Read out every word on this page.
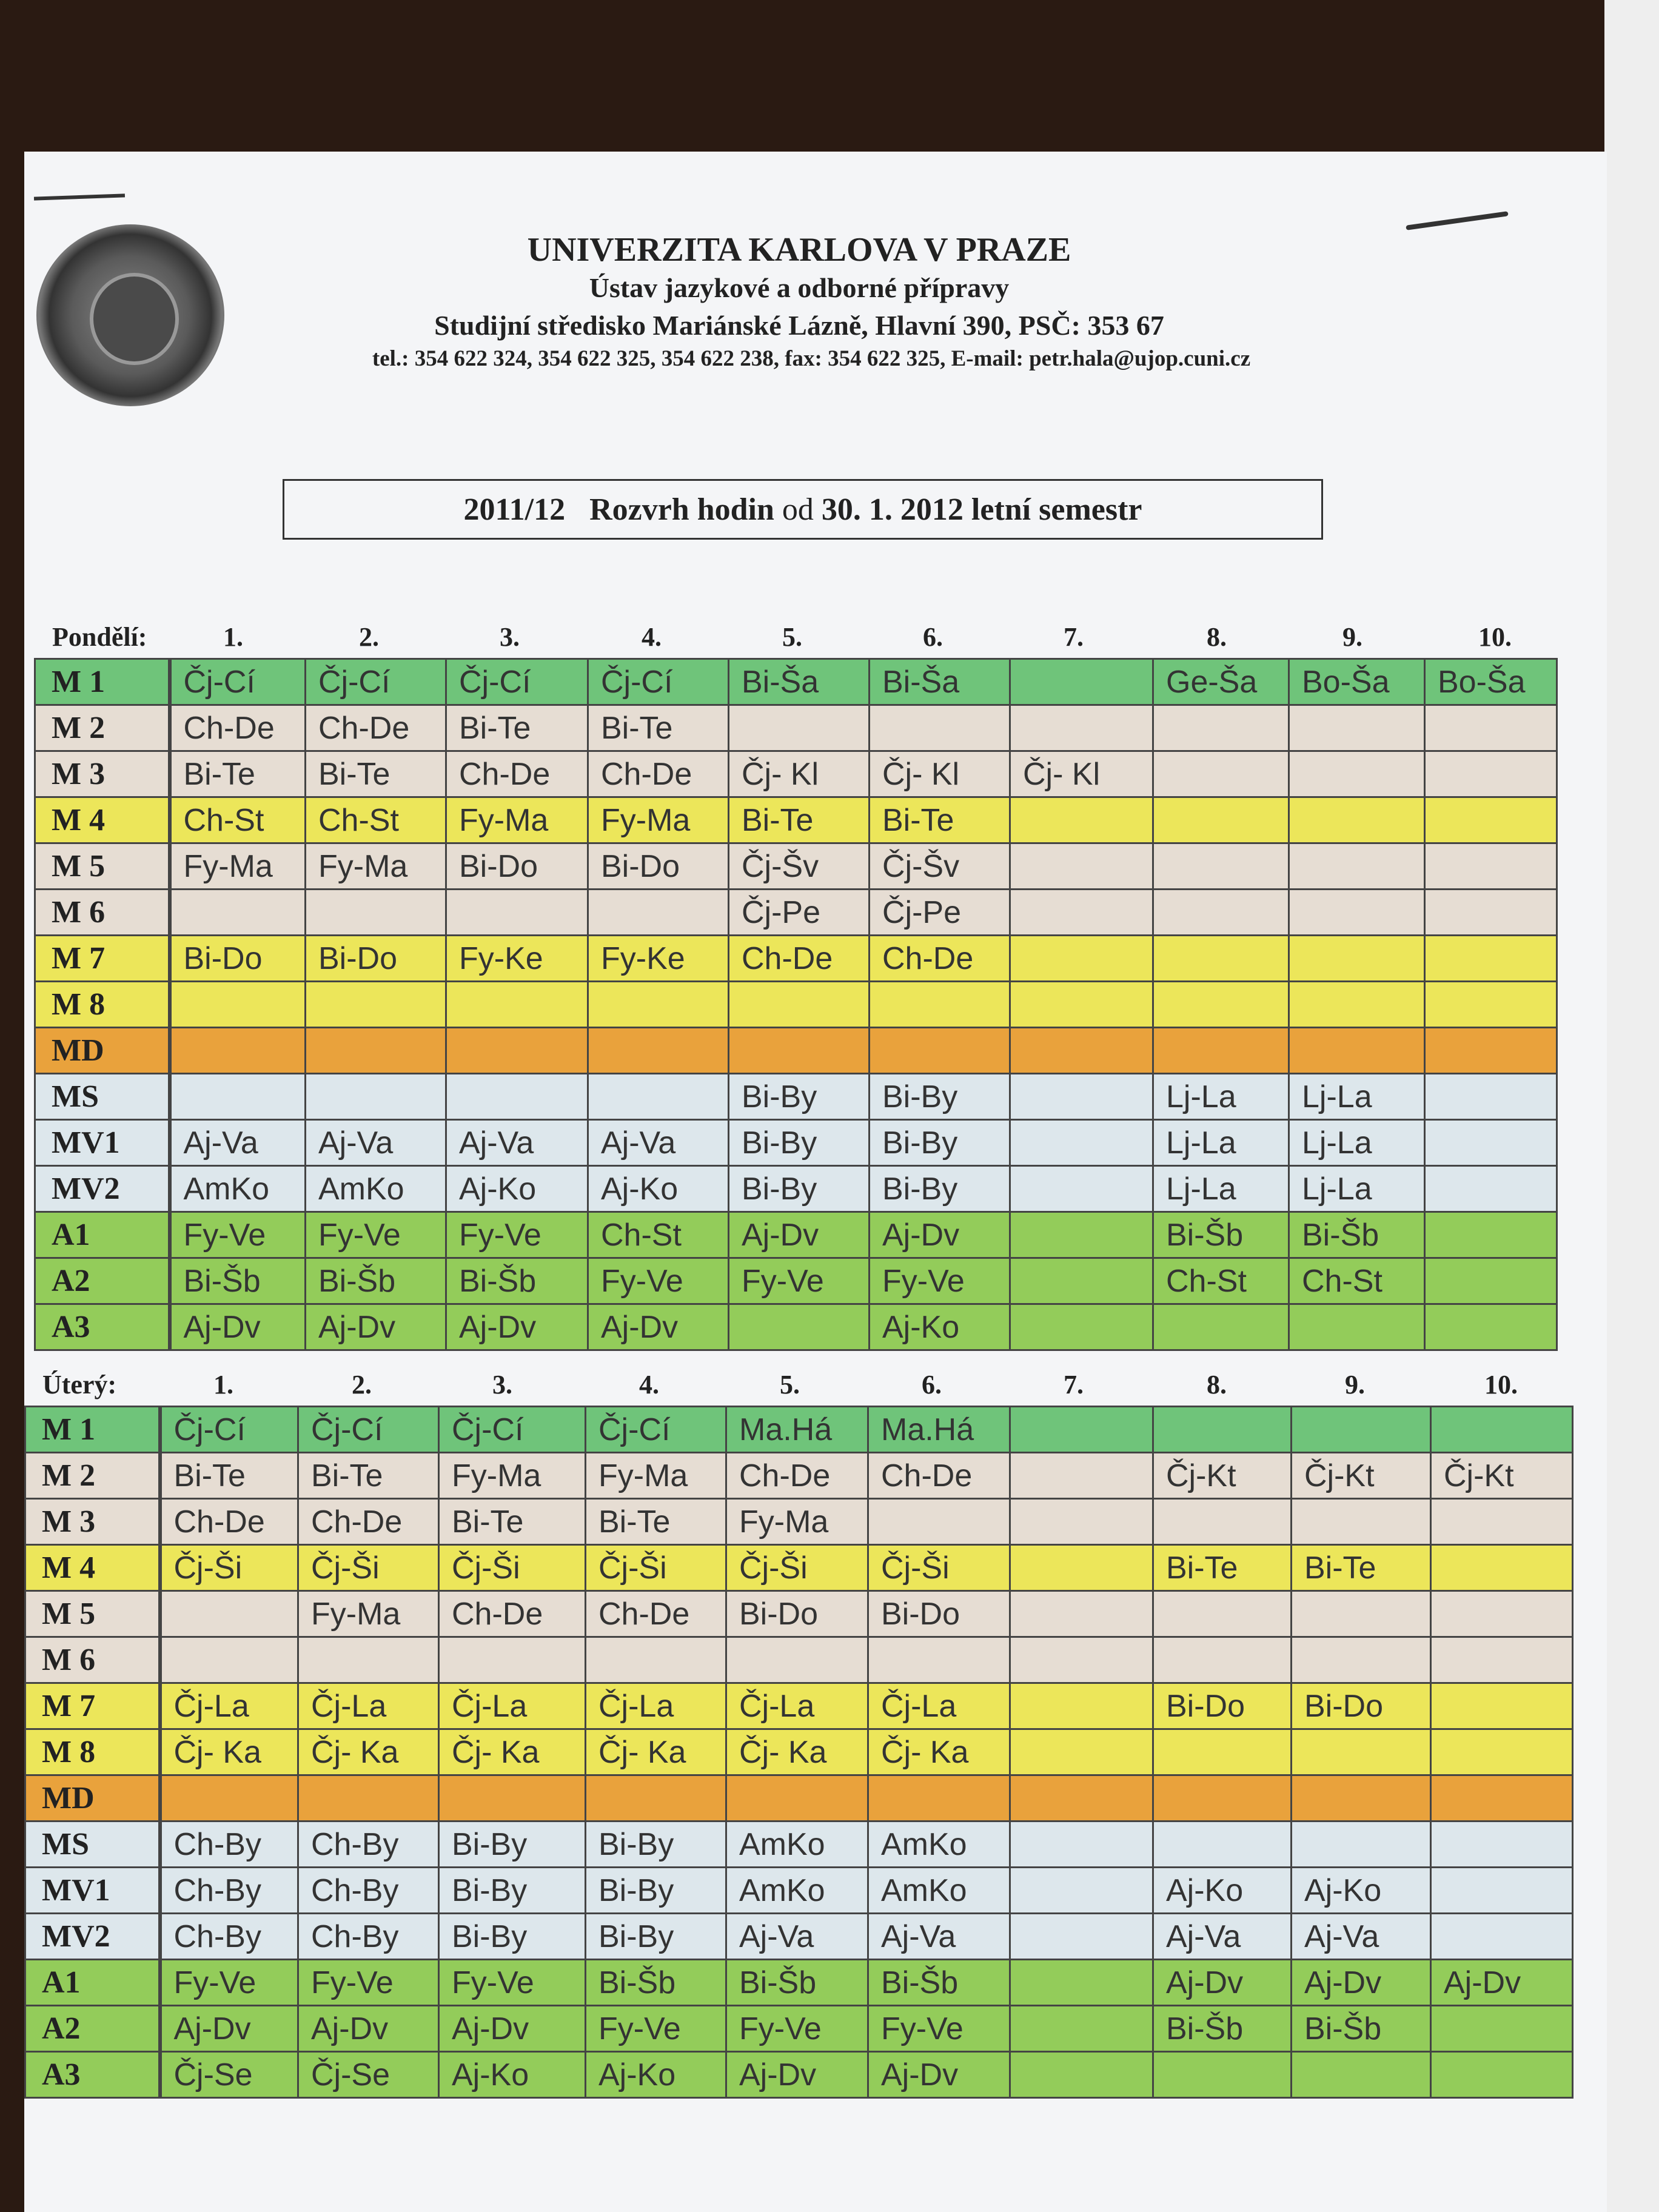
UNIVERZITA KARLOVA V PRAZE
Ústav jazykové a odborné přípravy
Studijní středisko Mariánské Lázně, Hlavní 390, PSČ: 353 67
tel.: 354 622 324, 354 622 325, 354 622 238, fax: 354 622 325, E-mail: petr.hala@ujop.cuni.cz
2011/12 Rozvrh hodin od 30. 1. 2012 letní semestr
Pondělí:	1.	2.	3.	4.	5.	6.	7.	8.	9.	10.
M 1	Čj-Cí	Čj-Cí	Čj-Cí	Čj-Cí	Bi-Ša	Bi-Ša		Ge-Ša	Bo-Ša	Bo-Ša
M 2	Ch-De	Ch-De	Bi-Te	Bi-Te						
M 3	Bi-Te	Bi-Te	Ch-De	Ch-De	Čj- Kl	Čj- Kl	Čj- Kl			
M 4	Ch-St	Ch-St	Fy-Ma	Fy-Ma	Bi-Te	Bi-Te				
M 5	Fy-Ma	Fy-Ma	Bi-Do	Bi-Do	Čj-Šv	Čj-Šv				
M 6					Čj-Pe	Čj-Pe				
M 7	Bi-Do	Bi-Do	Fy-Ke	Fy-Ke	Ch-De	Ch-De				
M 8										
MD										
MS					Bi-By	Bi-By		Lj-La	Lj-La	
MV1	Aj-Va	Aj-Va	Aj-Va	Aj-Va	Bi-By	Bi-By		Lj-La	Lj-La	
MV2	AmKo	AmKo	Aj-Ko	Aj-Ko	Bi-By	Bi-By		Lj-La	Lj-La	
A1	Fy-Ve	Fy-Ve	Fy-Ve	Ch-St	Aj-Dv	Aj-Dv		Bi-Šb	Bi-Šb	
A2	Bi-Šb	Bi-Šb	Bi-Šb	Fy-Ve	Fy-Ve	Fy-Ve		Ch-St	Ch-St	
A3	Aj-Dv	Aj-Dv	Aj-Dv	Aj-Dv		Aj-Ko				
Úterý:	1.	2.	3.	4.	5.	6.	7.	8.	9.	10.
M 1	Čj-Cí	Čj-Cí	Čj-Cí	Čj-Cí	Ma.Há	Ma.Há				
M 2	Bi-Te	Bi-Te	Fy-Ma	Fy-Ma	Ch-De	Ch-De		Čj-Kt	Čj-Kt	Čj-Kt
M 3	Ch-De	Ch-De	Bi-Te	Bi-Te	Fy-Ma					
M 4	Čj-Ši	Čj-Ši	Čj-Ši	Čj-Ši	Čj-Ši	Čj-Ši		Bi-Te	Bi-Te	
M 5		Fy-Ma	Ch-De	Ch-De	Bi-Do	Bi-Do				
M 6										
M 7	Čj-La	Čj-La	Čj-La	Čj-La	Čj-La	Čj-La		Bi-Do	Bi-Do	
M 8	Čj- Ka	Čj- Ka	Čj- Ka	Čj- Ka	Čj- Ka	Čj- Ka				
MD										
MS	Ch-By	Ch-By	Bi-By	Bi-By	AmKo	AmKo				
MV1	Ch-By	Ch-By	Bi-By	Bi-By	AmKo	AmKo		Aj-Ko	Aj-Ko	
MV2	Ch-By	Ch-By	Bi-By	Bi-By	Aj-Va	Aj-Va		Aj-Va	Aj-Va	
A1	Fy-Ve	Fy-Ve	Fy-Ve	Bi-Šb	Bi-Šb	Bi-Šb		Aj-Dv	Aj-Dv	Aj-Dv
A2	Aj-Dv	Aj-Dv	Aj-Dv	Fy-Ve	Fy-Ve	Fy-Ve		Bi-Šb	Bi-Šb	
A3	Čj-Se	Čj-Se	Aj-Ko	Aj-Ko	Aj-Dv	Aj-Dv				
